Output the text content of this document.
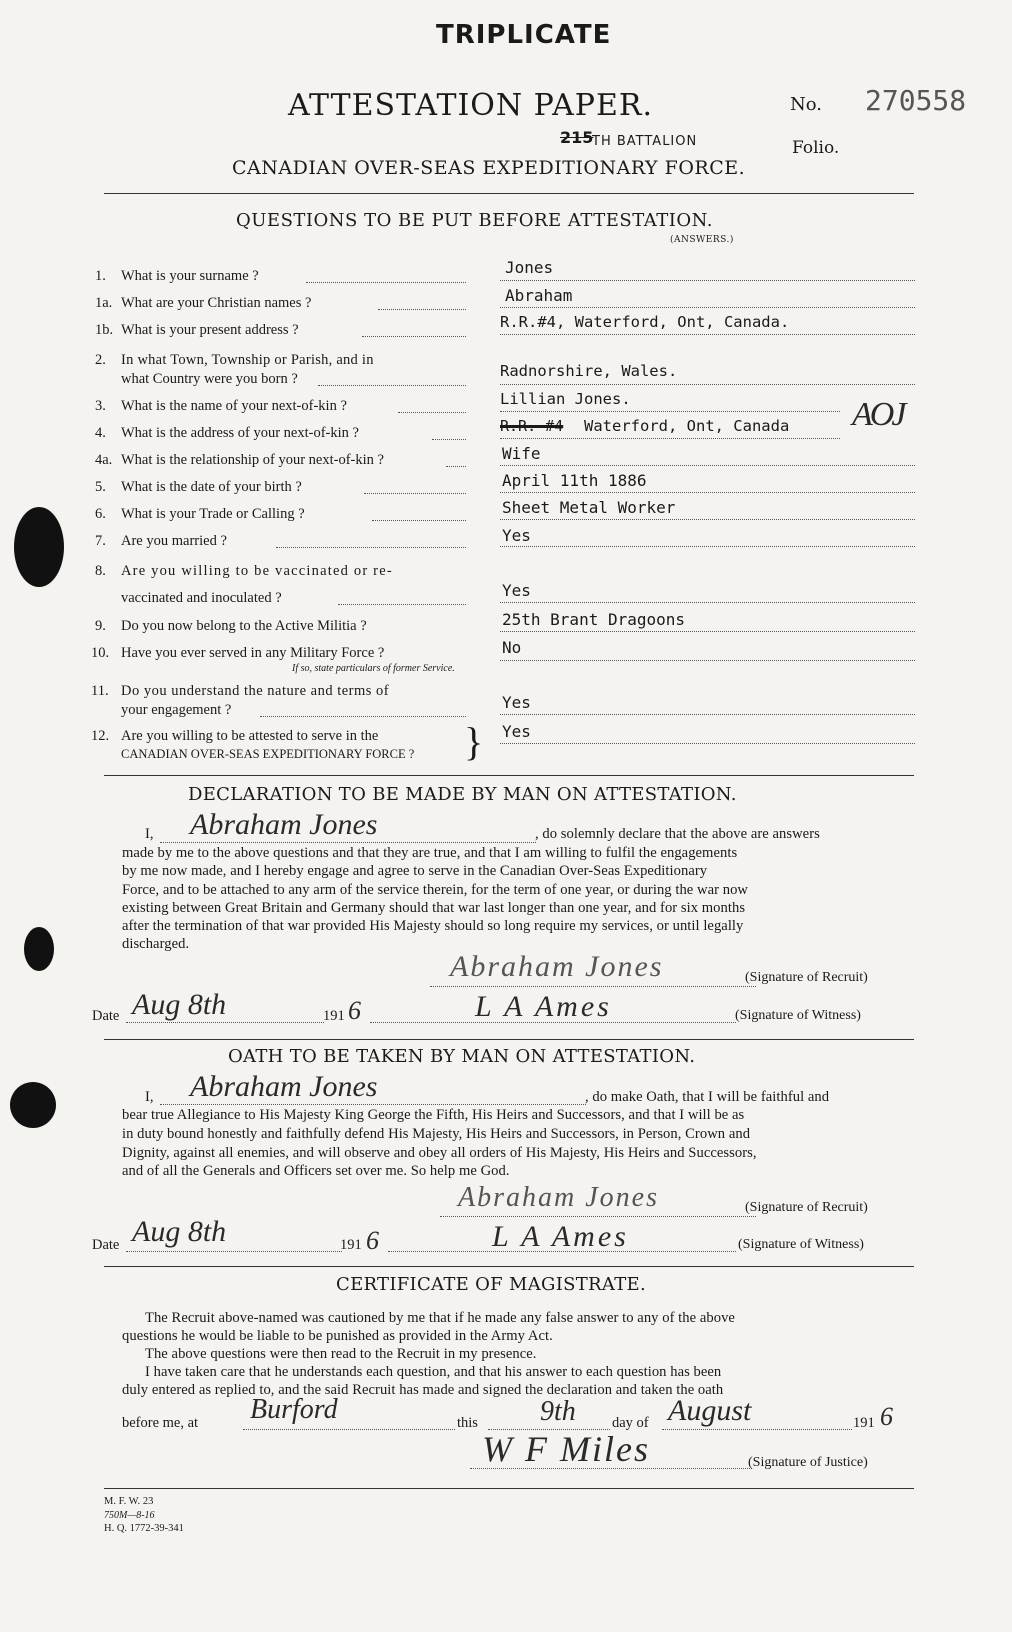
TRIPLICATE
ATTESTATION PAPER.	No. 270558
215
TH BATTALION	Folio.
CANADIAN OVER-SEAS EXPEDITIONARY FORCE.
QUESTIONS TO BE PUT BEFORE ATTESTATION.
(ANSWERS.)
1. What is your surname ?	Jones
1a. What are your Christian names ?	Abraham
1b. What is your present address ?	R.R.#4, Waterford, Ont, Canada.
2. In what Town, Township or Parish, and in
what Country were you born ?	Radnorshire, Wales.
3. What is the name of your next-of-kin ?	Lillian Jones.
4. What is the address of your next-of-kin ?	R.R. #4 Waterford, Ont, Canada AOJ
4a. What is the relationship of your next-of-kin ?	Wife
5. What is the date of your birth ?	April 11th 1886
6. What is your Trade or Calling ?	Sheet Metal Worker
7. Are you married ?	Yes
8. Are you willing to be vaccinated or re-
vaccinated and inoculated ?	Yes
9. Do you now belong to the Active Militia ?	25th Brant Dragoons
10. Have you ever served in any Military Force ?
If so, state particulars of former Service.
No
11. Do you understand the nature and terms of
your engagement ?	Yes
12. Are you willing to be attested to serve in the
CANADIAN OVER-SEAS EXPEDITIONARY FORCE ? } Yes
DECLARATION TO BE MADE BY MAN ON ATTESTATION.
I, Abraham Jones	, do solemnly declare that the above are answers
made by me to the above questions and that they are true, and that I am willing to fulfil the engagements
by me now made, and I hereby engage and agree to serve in the Canadian Over-Seas Expeditionary
Force, and to be attached to any arm of the service therein, for the term of one year, or during the war now
existing between Great Britain and Germany should that war last longer than one year, and for six months
after the termination of that war provided His Majesty should so long require my services, or until legally
discharged.
Abraham Jones	(Signature of Recruit)
Date Aug 8th	191 6	L A Ames	(Signature of Witness)
OATH TO BE TAKEN BY MAN ON ATTESTATION.
I, Abraham Jones	, do make Oath, that I will be faithful and
bear true Allegiance to His Majesty King George the Fifth, His Heirs and Successors, and that I will be as
in duty bound honestly and faithfully defend His Majesty, His Heirs and Successors, in Person, Crown and
Dignity, against all enemies, and will observe and obey all orders of His Majesty, His Heirs and Successors,
and of all the Generals and Officers set over me. So help me God.
Abraham Jones	(Signature of Recruit)
Date Aug 8th	191 6	L A Ames	(Signature of Witness)
CERTIFICATE OF MAGISTRATE.
The Recruit above-named was cautioned by me that if he made any false answer to any of the above
questions he would be liable to be punished as provided in the Army Act.
The above questions were then read to the Recruit in my presence.
I have taken care that he understands each question, and that his answer to each question has been
duly entered as replied to, and the said Recruit has made and signed the declaration and taken the oath
before me, at Burford	this 9th day of August	191 6
W F Miles	(Signature of Justice)
M. F. W. 23
750M—8-16
H. Q. 1772-39-341
